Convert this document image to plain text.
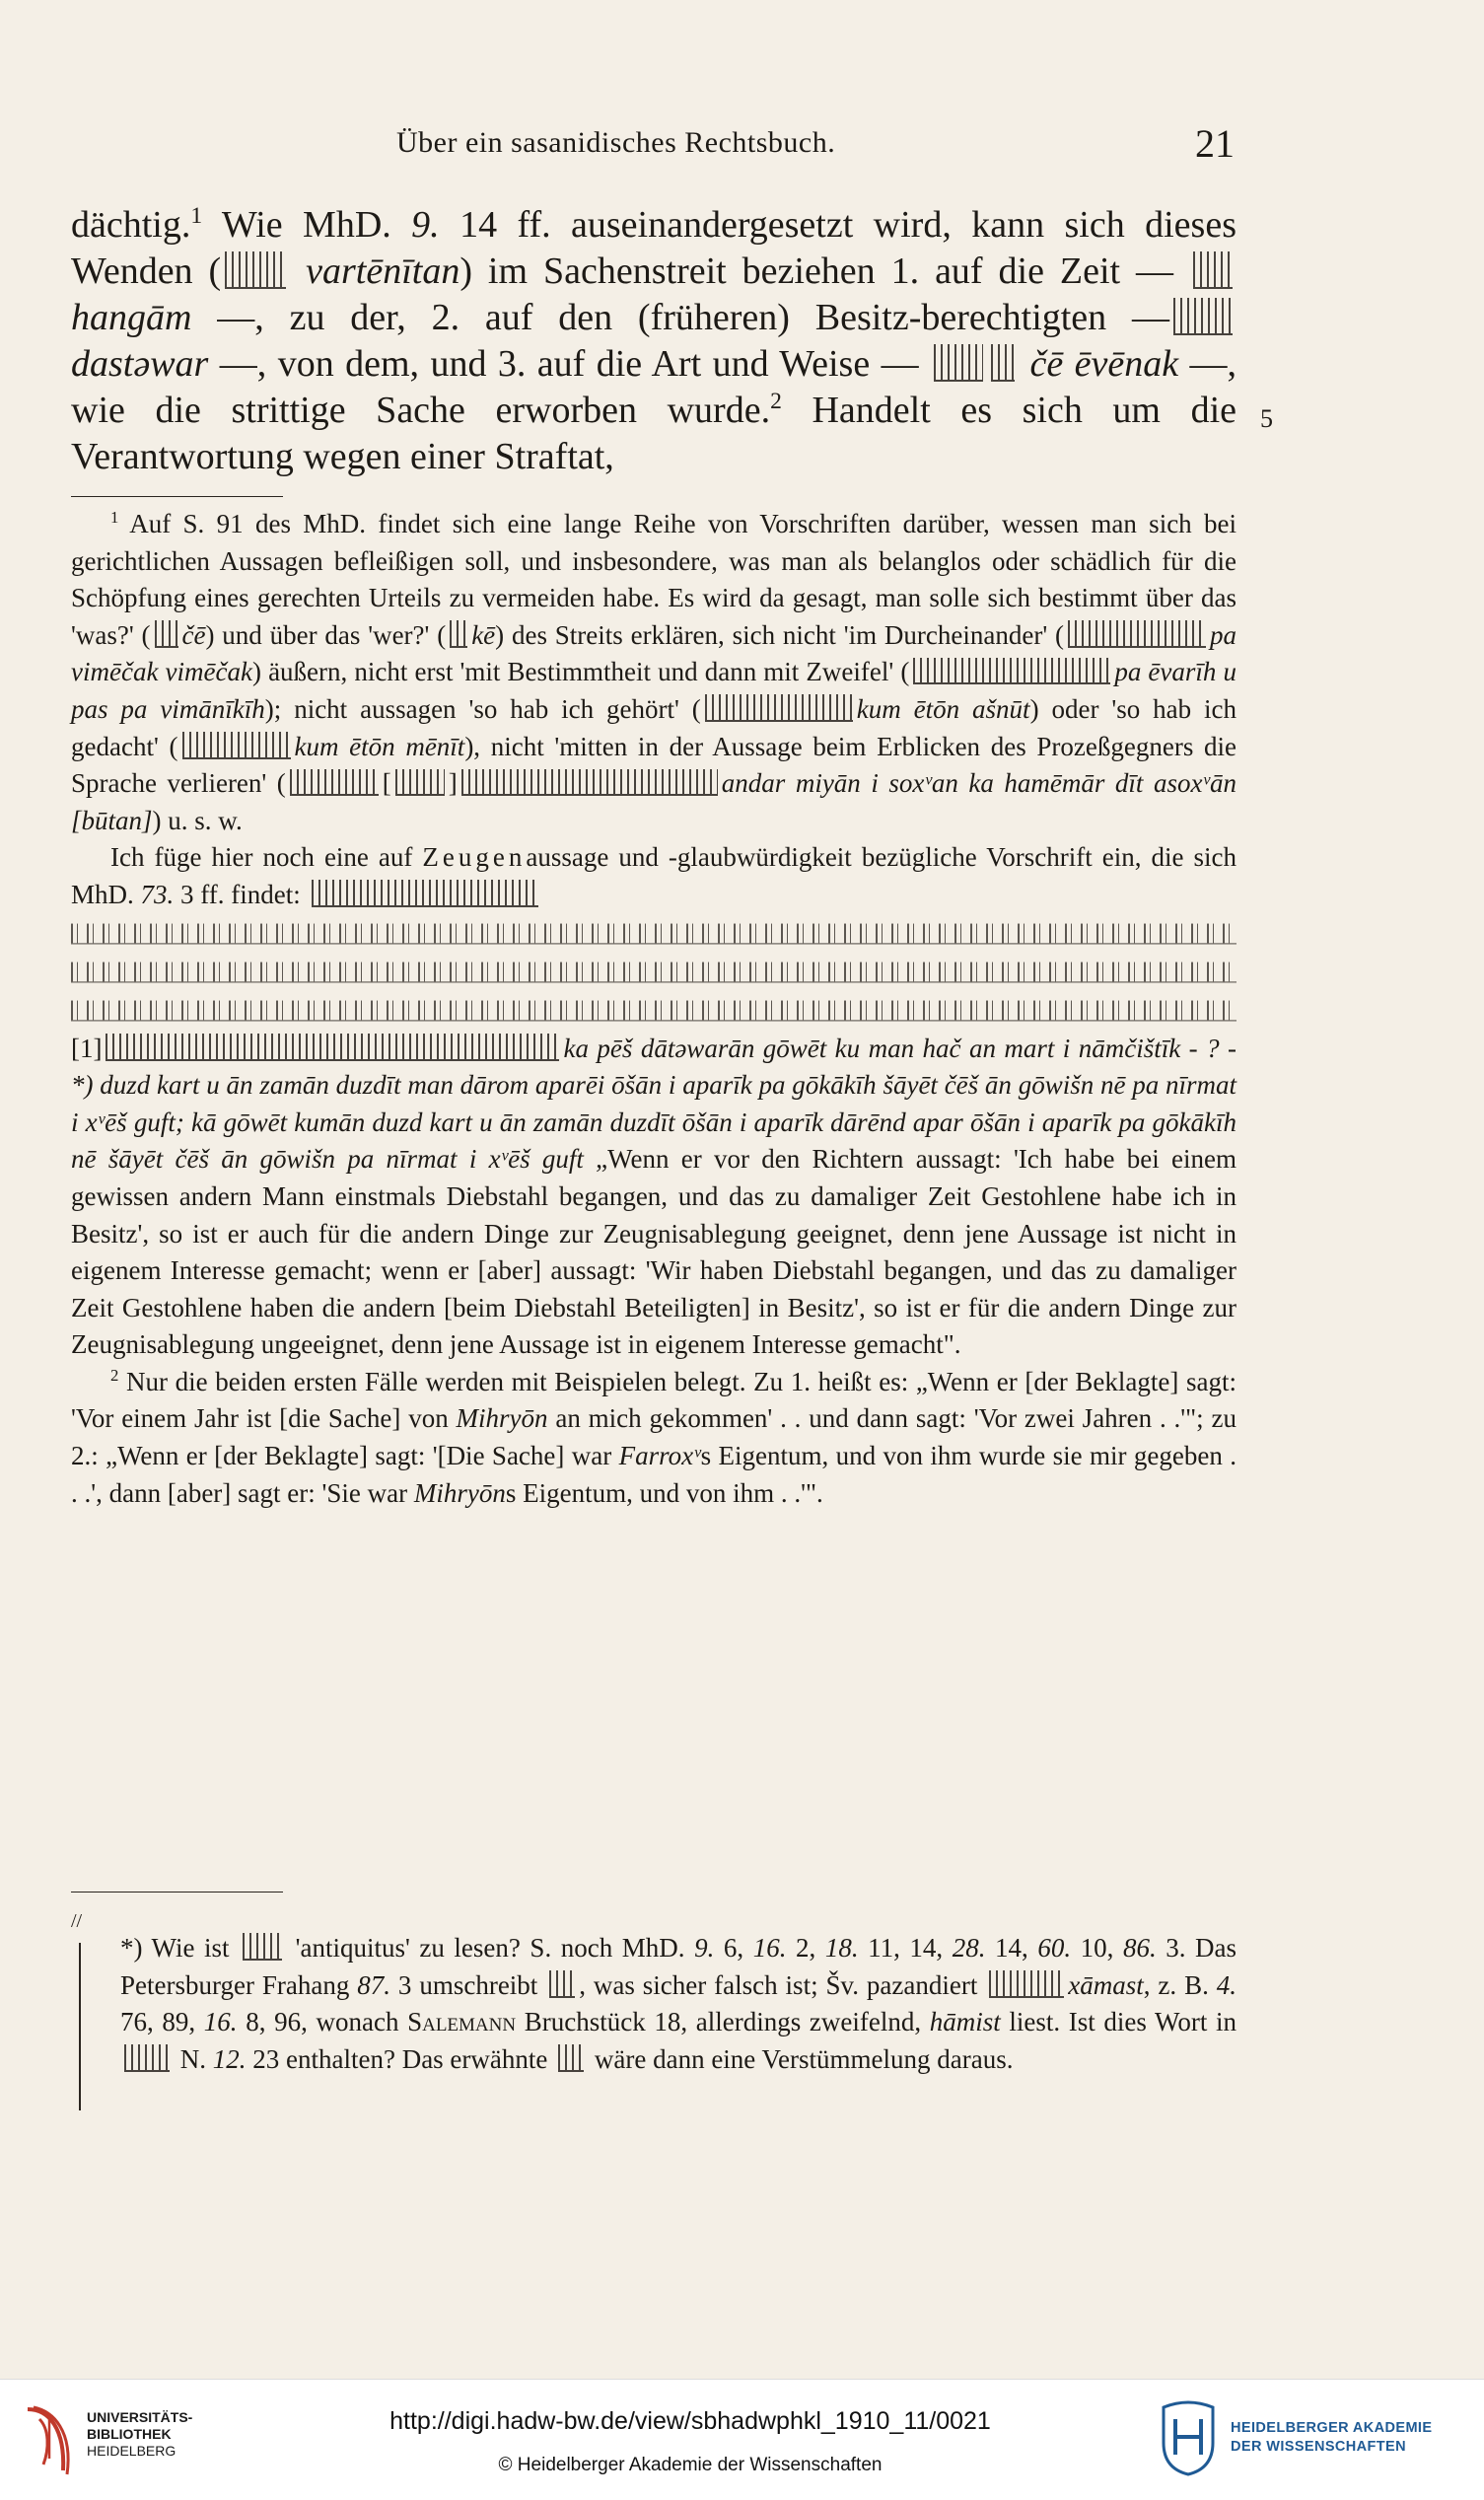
Über ein sasanidisches Rechtsbuch.	21

dächtig.$^1$ Wie MhD. 9. 14 ff. auseinandergesetzt wird, kann sich dieses Wenden ( vartēnītan) im Sachenstreit beziehen 1. auf die Zeit —  hangām —, zu der, 2. auf den (früheren) Besitz-berechtigten — dastəwar —, von dem, und 3. auf die Art und Weise —  čē ēvēnak —, wie die strittige Sache erworben wurde.$^2$ Handelt es sich um die Verantwortung wegen einer Straftat,

5

$^1$ Auf S. 91 des MhD. findet sich eine lange Reihe von Vorschriften darüber, wessen man sich bei gerichtlichen Aussagen befleißigen soll, und insbesondere, was man als belanglos oder schädlich für die Schöpfung eines gerechten Urteils zu vermeiden habe. Es wird da gesagt, man solle sich bestimmt über das 'was?' ( čē) und über das 'wer?' ( kē) des Streits erklären, sich nicht 'im Durcheinander' (	pa vimēčak vimēčak) äußern, nicht erst 'mit Bestimmtheit und dann mit Zweifel' (	pa ēvarīh u pas pa vimānīkīh); nicht aussagen 'so hab ich gehört' (	kum ētōn ašnūt) oder 'so hab ich gedacht' (	kum ētōn mēnīt), nicht 'mitten in der Aussage beim Erblicken des Prozeßgegners die Sprache verlieren' (	[ ]	andar miyān i soxᵛan ka hamēmār dīt asoxᵛān [būtan]) u. s. w.

Ich füge hier noch eine auf Zeugenaussage und -glaubwürdigkeit bezügliche Vorschrift ein, die sich MhD. 73. 3 ff. findet:
[1]	ka pēš dātəwarān gōwēt ku man hač an mart i nāmčištīk - ? - *) duzd kart u ān zamān duzdīt man dārom aparēi ōšān i aparīk pa gōkākīh šāyēt čēš ān gōwišn nē pa nīrmat i xᵛēš guft; kā gōwēt kumān duzd kart u ān zamān duzdīt ōšān i aparīk dārēnd apar ōšān i aparīk pa gōkākīh nē šāyēt čēš ān gōwišn pa nīrmat i xᵛēš guft „Wenn er vor den Richtern aussagt: 'Ich habe bei einem gewissen andern Mann einstmals Diebstahl begangen, und das zu damaliger Zeit Gestohlene habe ich in Besitz', so ist er auch für die andern Dinge zur Zeugnisablegung geeignet, denn jene Aussage ist nicht in eigenem Interesse gemacht; wenn er [aber] aussagt: 'Wir haben Diebstahl begangen, und das zu damaliger Zeit Gestohlene haben die andern [beim Diebstahl Beteiligten] in Besitz', so ist er für die andern Dinge zur Zeugnisablegung ungeeignet, denn jene Aussage ist in eigenem Interesse gemacht".

$^2$ Nur die beiden ersten Fälle werden mit Beispielen belegt. Zu 1. heißt es: „Wenn er [der Beklagte] sagt: 'Vor einem Jahr ist [die Sache] von Mihryōn an mich gekommen' . . und dann sagt: 'Vor zwei Jahren . .'"; zu 2.: „Wenn er [der Beklagte] sagt: '[Die Sache] war Farroxᵛs Eigentum, und von ihm wurde sie mir gegeben . . .', dann [aber] sagt er: 'Sie war Mihryōns Eigentum, und von ihm . .'".

//

*) Wie ist  'antiquitus' zu lesen? S. noch MhD. 9. 6, 16. 2, 18. 11, 14, 28. 14, 60. 10, 86. 3. Das Petersburger Frahang 87. 3 umschreibt , was sicher falsch ist; Šv. pazandiert	xāmast, z. B. 4. 76, 89, 16. 8, 96, wonach Salemann Bruchstück 18, allerdings zweifelnd, hāmist liest. Ist dies Wort in  N. 12. 23 enthalten? Das erwähnte  wäre dann eine Verstümmelung daraus.

UNIVERSITÄTS-
BIBLIOTHEK
HEIDELBERG
http://digi.hadw-bw.de/view/sbhadwphkl_1910_11/0021
© Heidelberger Akademie der Wissenschaften
HEIDELBERGER AKADEMIE
DER WISSENSCHAFTEN
